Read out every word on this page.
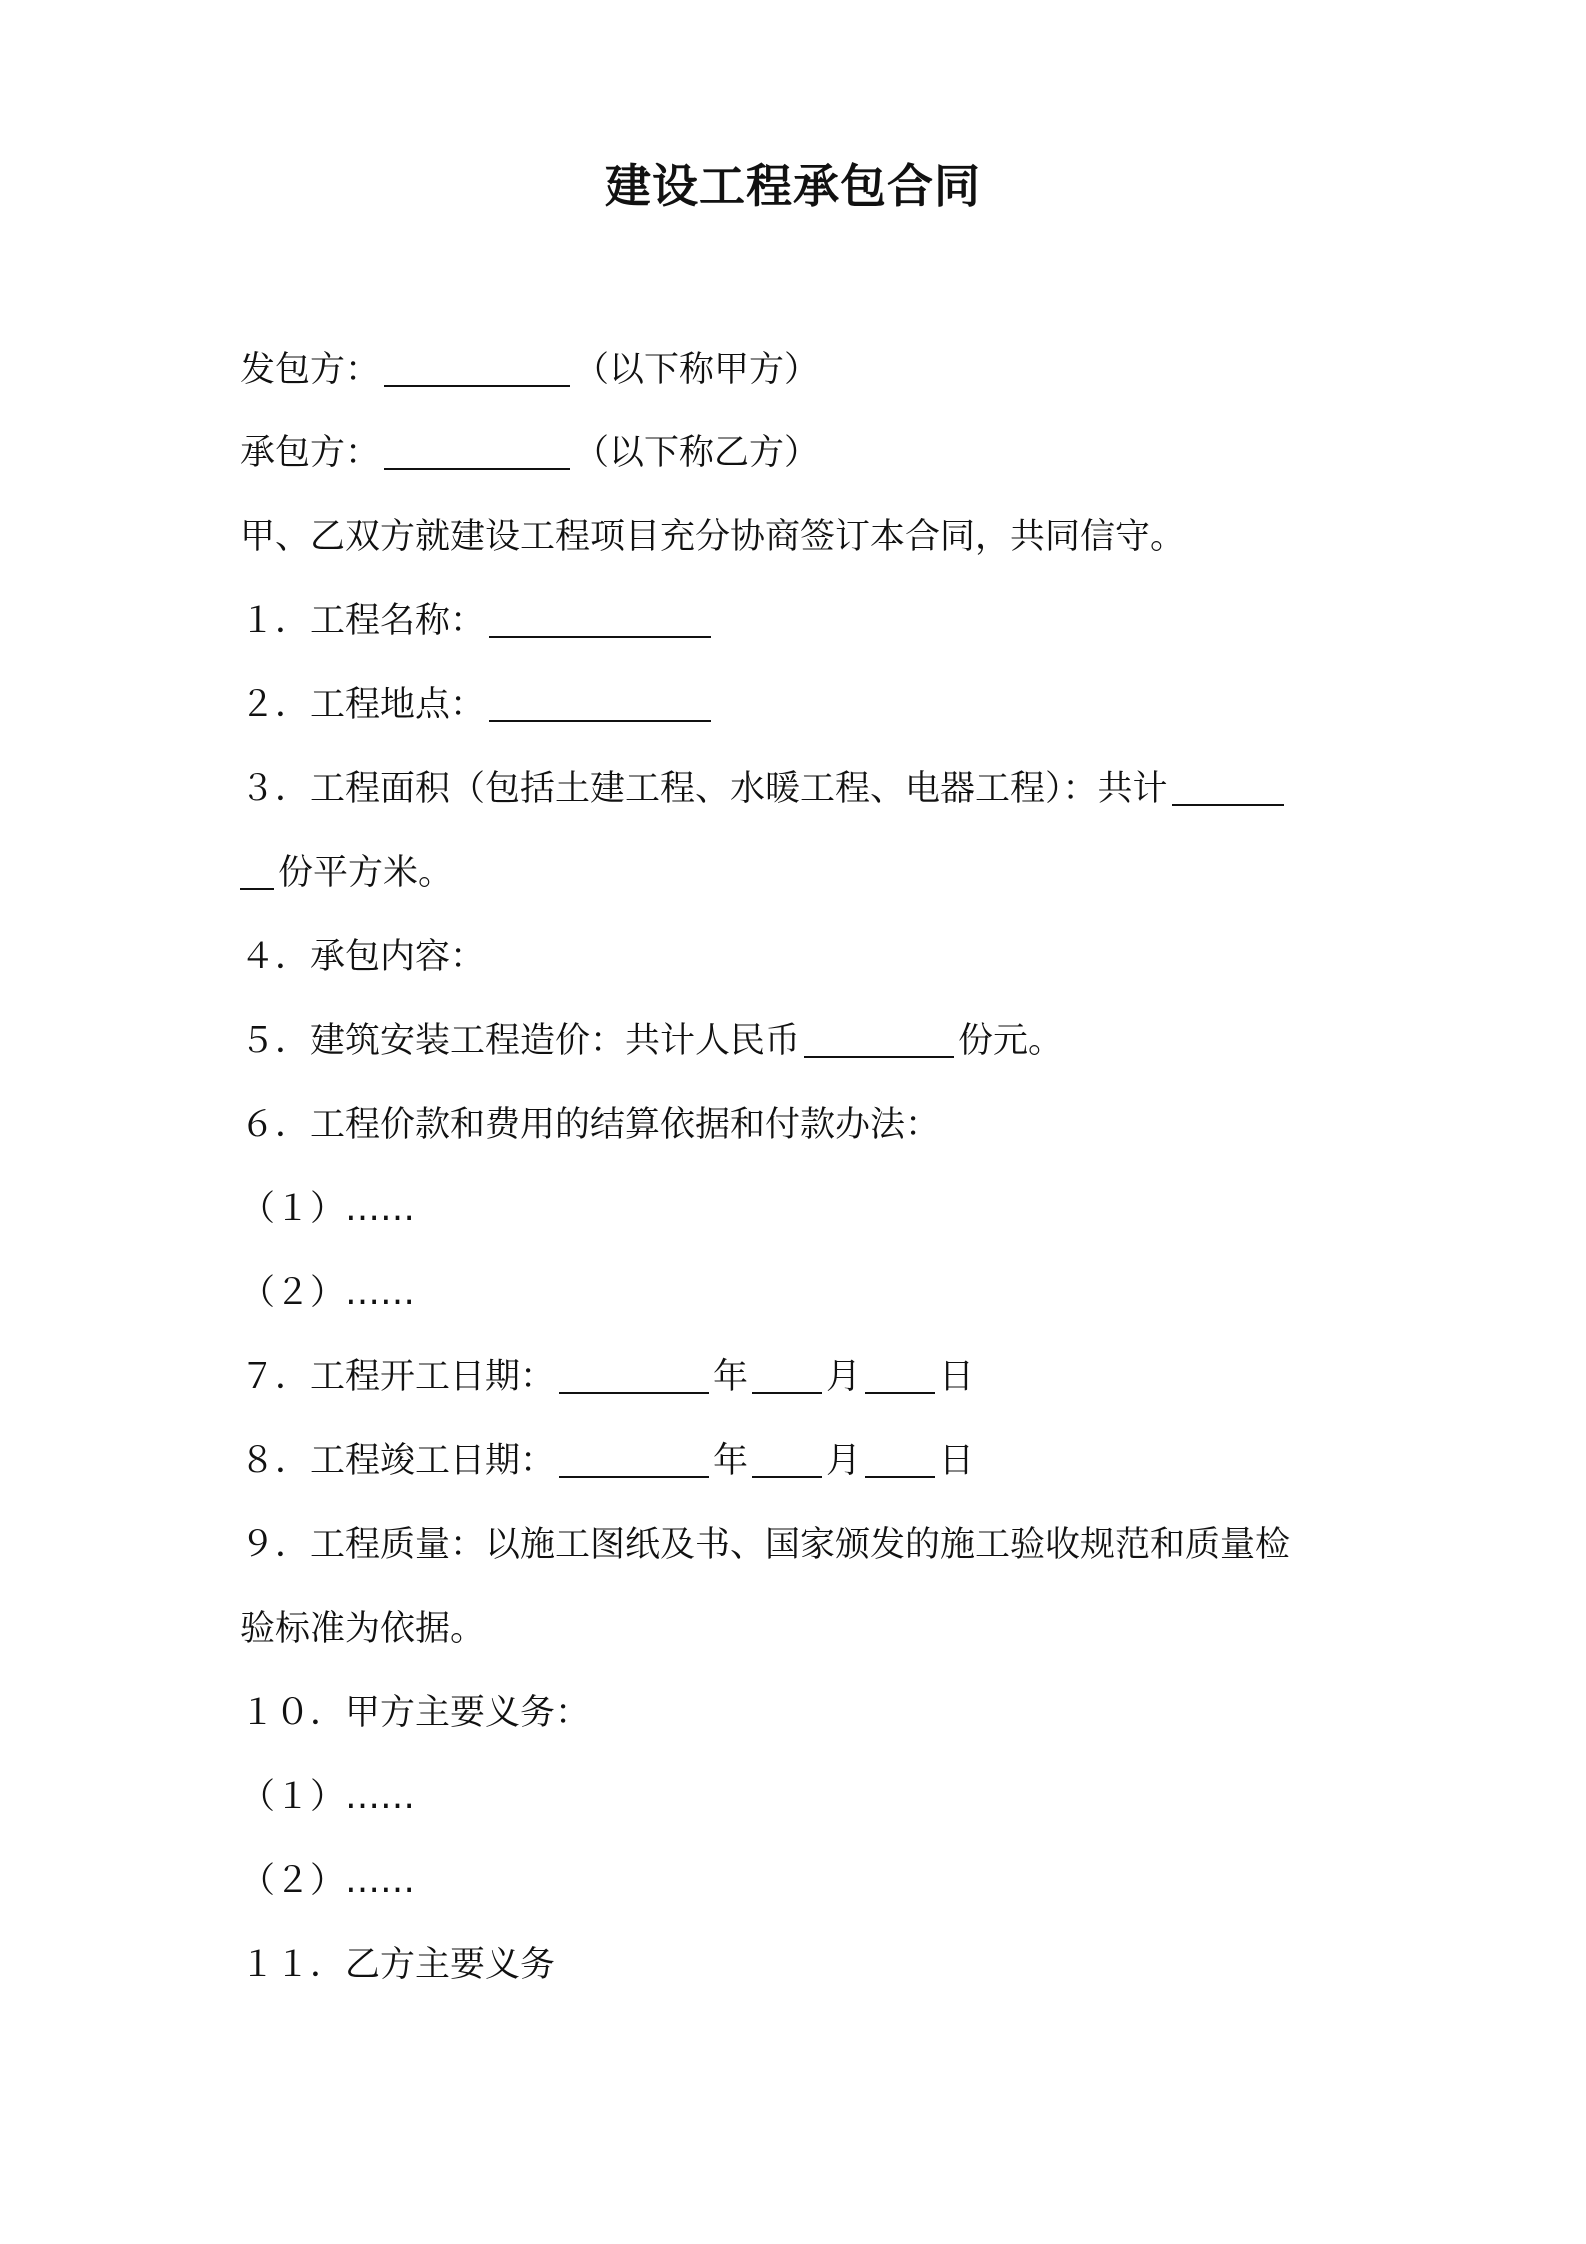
建设工程承包合同
发包方：	（以下称甲方）
承包方：	（以下称乙方）
甲、乙双方就建设工程项目充分协商签订本合同，共同信守。
１．工程名称：
２．工程地点：
３．工程面积（包括土建工程、水暖工程、电器工程）：共计
份平方米。
４．承包内容：
５．建筑安装工程造价：共计人民币	份元。
６．工程价款和费用的结算依据和付款办法：
（１）……
（２）……
７．工程开工日期：	年 月 日
８．工程竣工日期：	年 月 日
９．工程质量：以施工图纸及书、国家颁发的施工验收规范和质量检
验标准为依据。
１０．甲方主要义务：
（１）……
（２）……
１１．乙方主要义务
